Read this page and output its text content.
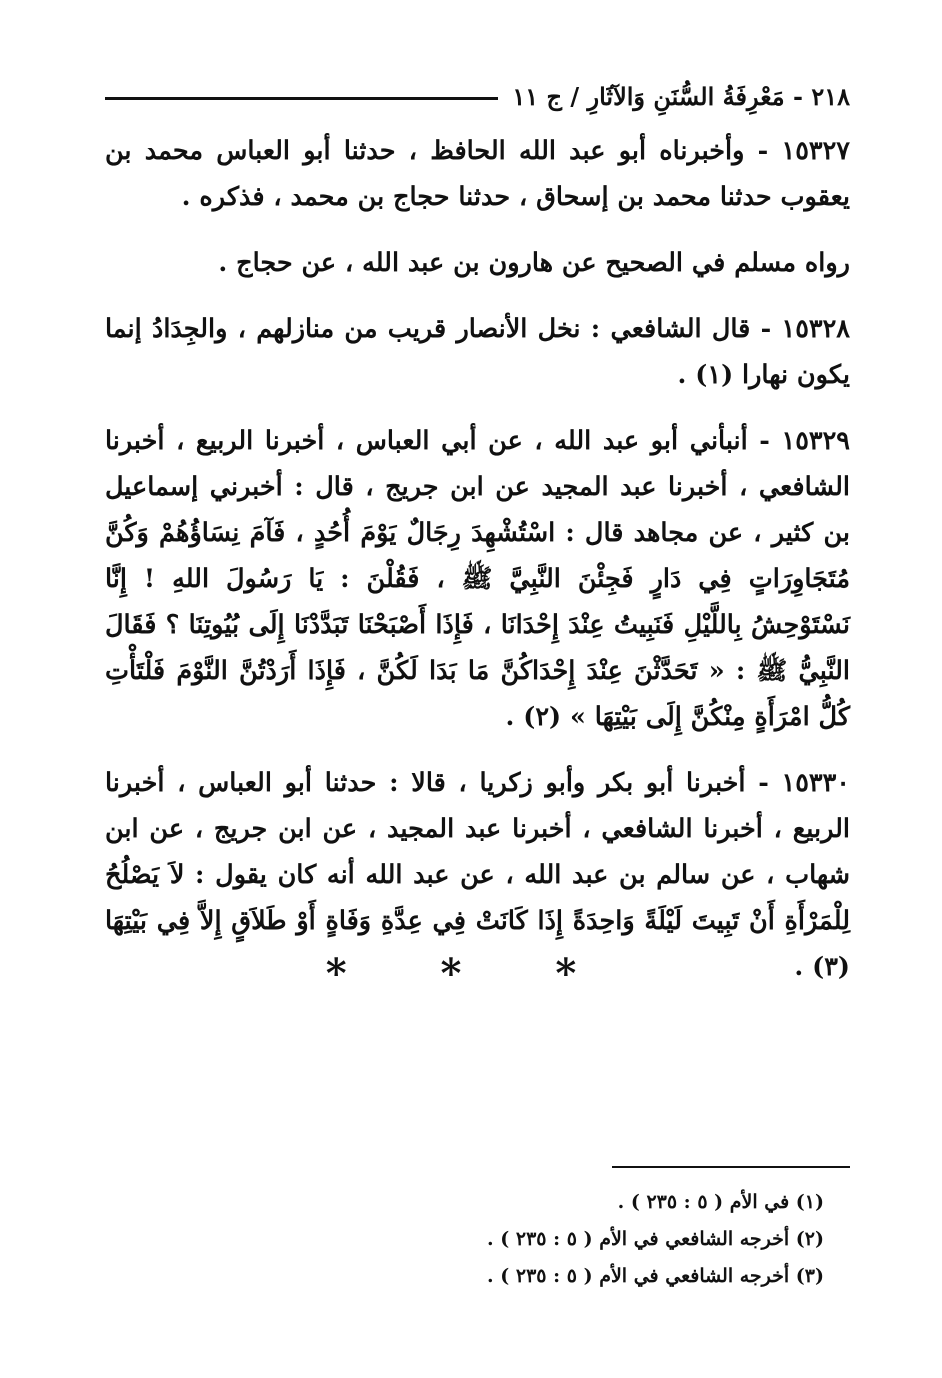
٢١٨ - مَعْرِفَةُ السُّنَنِ وَالآثَارِ / ج ١١

١٥٣٢٧ - وأخبرناه أبو عبد الله الحافظ ، حدثنا أبو العباس محمد بن يعقوب حدثنا محمد بن إسحاق ، حدثنا حجاج بن محمد ، فذكره .

رواه مسلم في الصحيح عن هارون بن عبد الله ، عن حجاج .

١٥٣٢٨ - قال الشافعي : نخل الأنصار قريب من منازلهم ، والجِدَادُ إنما يكون نهارا (١) .

١٥٣٢٩ - أنبأني أبو عبد الله ، عن أبي العباس ، أخبرنا الربيع ، أخبرنا الشافعي ، أخبرنا عبد المجيد عن ابن جريج ، قال : أخبرني إسماعيل بن كثير ، عن مجاهد قال : اسْتُشْهِدَ رِجَالٌ يَوْمَ أُحُدٍ ، فَآمَ نِسَاؤُهُمْ وَكُنَّ مُتَجَاوِرَاتٍ فِي دَارٍ فَجِئْنَ النَّبِيَّ ﷺ ، فَقُلْنَ : يَا رَسُولَ اللهِ ! إِنَّا نَسْتَوْحِشُ بِاللَّيْلِ فَنَبِيتُ عِنْدَ إِحْدَانَا ، فَإِذَا أَصْبَحْنَا تَبَدَّدْنَا إِلَى بُيُوتِنَا ؟ فَقَالَ النَّبِيُّ ﷺ : « تَحَدَّثْنَ عِنْدَ إِحْدَاكُنَّ مَا بَدَا لَكُنَّ ، فَإِذَا أَرَدْتُنَّ النَّوْمَ فَلْتَأْتِ كُلُّ امْرَأَةٍ مِنْكُنَّ إِلَى بَيْتِهَا » (٢) .

١٥٣٣٠ - أخبرنا أبو بكر وأبو زكريا ، قالا : حدثنا أبو العباس ، أخبرنا الربيع ، أخبرنا الشافعي ، أخبرنا عبد المجيد ، عن ابن جريج ، عن ابن شهاب ، عن سالم بن عبد الله ، عن عبد الله أنه كان يقول : لاَ يَصْلُحُ لِلْمَرْأَةِ أَنْ تَبِيتَ لَيْلَةً وَاحِدَةً إِذَا كَانَتْ فِي عِدَّةِ وَفَاةٍ أَوْ طَلاَقٍ إِلاَّ فِي بَيْتِهَا (٣) .

* * *
(١) في الأم ( ٥ : ٢٣٥ ) .
(٢) أخرجه الشافعي في الأم ( ٥ : ٢٣٥ ) .
(٣) أخرجه الشافعي في الأم ( ٥ : ٢٣٥ ) .
